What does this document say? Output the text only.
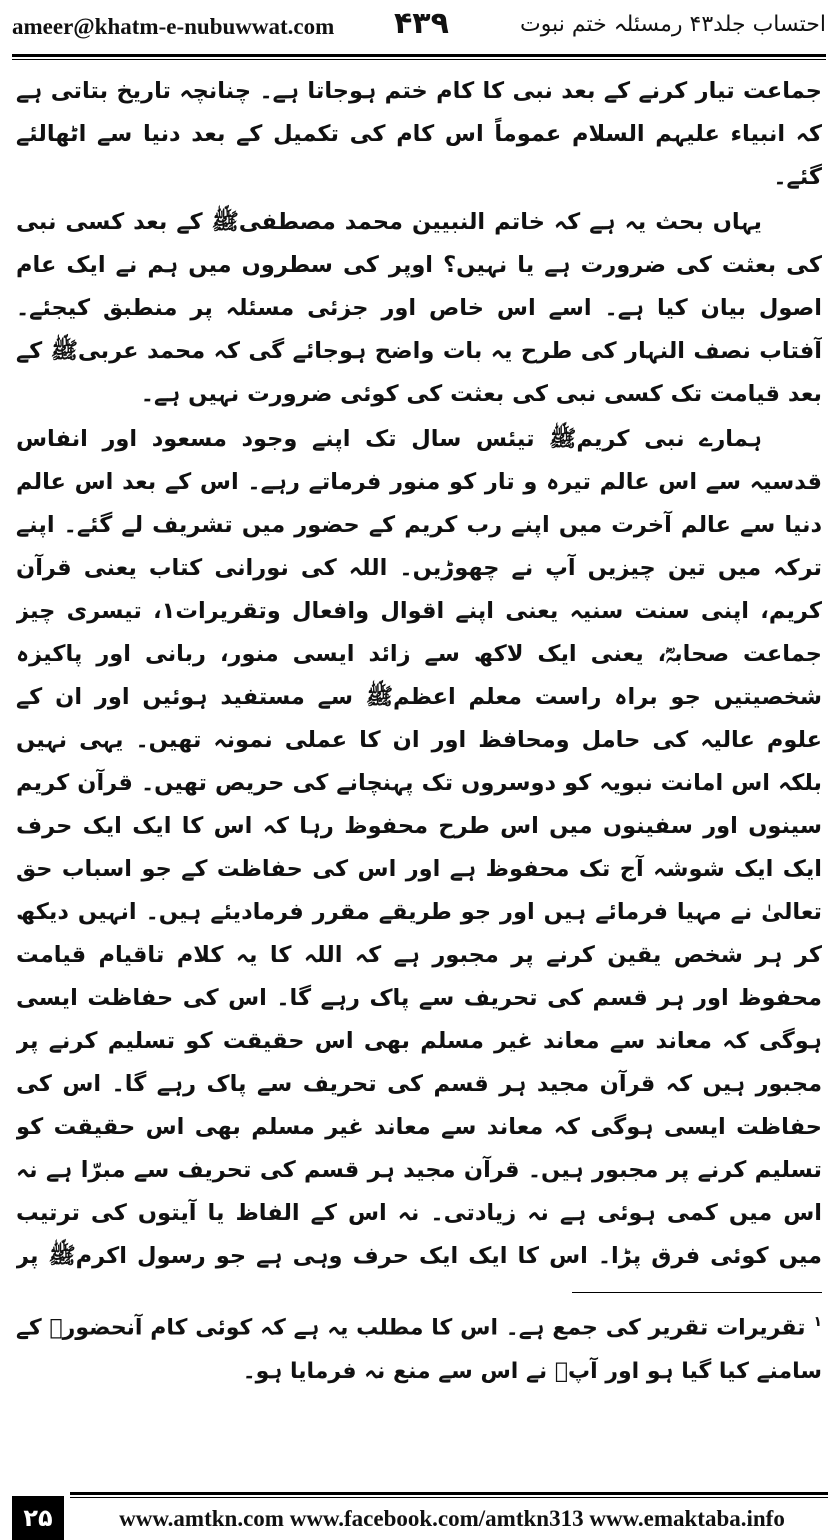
ameer@khatm-e-nubuwwat.com ۴۳۹	احتساب جلد۴۳ رمسئلہ ختم نبوت

جماعت تیار کرنے کے بعد نبی کا کام ختم ہوجاتا ہے۔ چنانچہ تاریخ بتاتی ہے کہ انبیاء علیہم السلام عموماً اس کام کی تکمیل کے بعد دنیا سے اٹھالئے گئے۔

یہاں بحث یہ ہے کہ خاتم النبیین محمد مصطفیﷺ کے بعد کسی نبی کی بعثت کی ضرورت ہے یا نہیں؟ اوپر کی سطروں میں ہم نے ایک عام اصول بیان کیا ہے۔ اسے اس خاص اور جزئی مسئلہ پر منطبق کیجئے۔ آفتاب نصف النہار کی طرح یہ بات واضح ہوجائے گی کہ محمد عربیﷺ کے بعد قیامت تک کسی نبی کی بعثت کی کوئی ضرورت نہیں ہے۔

ہمارے نبی کریمﷺ تیئس سال تک اپنے وجود مسعود اور انفاس قدسیہ سے اس عالم تیرہ و تار کو منور فرماتے رہے۔ اس کے بعد اس عالم دنیا سے عالم آخرت میں اپنے رب کریم کے حضور میں تشریف لے گئے۔ اپنے ترکہ میں تین چیزیں آپ نے چھوڑیں۔ اللہ کی نورانی کتاب یعنی قرآن کریم، اپنی سنت سنیہ یعنی اپنے اقوال وافعال وتقریرات۱، تیسری چیز جماعت صحابہؓ، یعنی ایک لاکھ سے زائد ایسی منور، ربانی اور پاکیزہ شخصیتیں جو براہ راست معلم اعظمﷺ سے مستفید ہوئیں اور ان کے علوم عالیہ کی حامل ومحافظ اور ان کا عملی نمونہ تھیں۔ یہی نہیں بلکہ اس امانت نبویہ کو دوسروں تک پہنچانے کی حریص تھیں۔ قرآن کریم سینوں اور سفینوں میں اس طرح محفوظ رہا کہ اس کا ایک ایک حرف ایک ایک شوشہ آج تک محفوظ ہے اور اس کی حفاظت کے جو اسباب حق تعالیٰ نے مہیا فرمائے ہیں اور جو طریقے مقرر فرمادیئے ہیں۔ انہیں دیکھ کر ہر شخص یقین کرنے پر مجبور ہے کہ اللہ کا یہ کلام تاقیام قیامت محفوظ اور ہر قسم کی تحریف سے پاک رہے گا۔ اس کی حفاظت ایسی ہوگی کہ معاند سے معاند غیر مسلم بھی اس حقیقت کو تسلیم کرنے پر مجبور ہیں کہ قرآن مجید ہر قسم کی تحریف سے پاک رہے گا۔ اس کی حفاظت ایسی ہوگی کہ معاند سے معاند غیر مسلم بھی اس حقیقت کو تسلیم کرنے پر مجبور ہیں۔ قرآن مجید ہر قسم کی تحریف سے مبرّا ہے نہ اس میں کمی ہوئی ہے نہ زیادتی۔ نہ اس کے الفاظ یا آیتوں کی ترتیب میں کوئی فرق پڑا۔ اس کا ایک ایک حرف وہی ہے جو رسول اکرمﷺ پر

$^۱$تقریرات تقریر کی جمع ہے۔ اس کا مطلب یہ ہے کہ کوئی کام آنحضورﷺ کے سامنے کیا گیا ہو اور آپؐ نے اس سے منع نہ فرمایا ہو۔
۲۵	www.amtkn.com www.facebook.com/amtkn313 www.emaktaba.info
